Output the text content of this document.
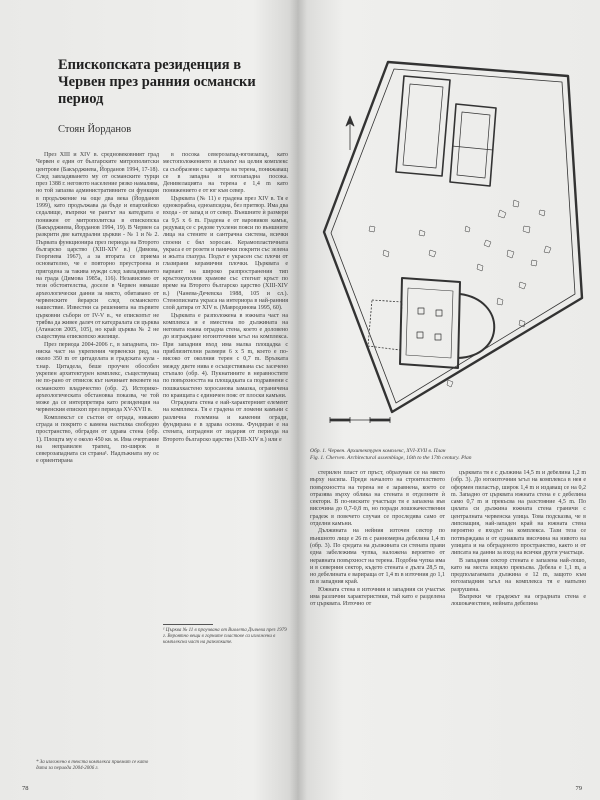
Епископската резиденция в Червен през ранния османски период
Стоян Йорданов

През ХIII и ХIV в. средновековният град Червен е един от българските митрополитски центрове (Бакърджиева, Йорданов 1994, 17-18). След завладяването му от османските турци през 1388 г. неговото население рязко намалява, но той запазва административните си функции в продължение на още два века (Йорданов 1999), като продължава да бъде и епархийско седалище, въпреки че рангът на катедрата е понижен от митрополитска в епископска (Бакърджиева, Йорданов 1994, 19). В Червен са разкрити две катедрални църкви - № 1 и № 2. Първата функционира през периода на Второто българско царство (ХIII-ХIV в.) (Димова, Георгиева 1967), а за втората се приема основателно, че е повторно преустроена и пригодена за такива нужди след завладяването на града (Димова 1985а, 116). Независимо от тези обстоятелства, доселе в Червен нямаше археологически данни за място, обитавано от червенските йерарси след османското нашествие. Известни са решенията на първите църковни събори от IV-V в., че епископът не трябва да живее далеч от катедралата си църква (Атанасов 2005, 105), но край църква № 2 не съществува епископско жилище.

През периода 2004-2006 г., в западната, по-ниска част на укрепения червенски рид, на около 350 m от цитаделата и градската кула - т.нар. Цитадела, беше проучен обособен укрепен архитектурен комплекс, съществуващ не по-рано от отвисок кът начинает вековете на османското владичество (обр. 2). Историко-археологическата обстановка показва, че той може да се интерпретира като резиденция на червенския епископ през периода ХV-ХVII в.

Комплексът се състои от ограда, никакво сграда и покрито с камена настилка свободно пространство, обграден от здрава стена (обр. 1). Площта му е около 450 кв. м. Има очертание на неправилен трапец, по-широк в северозападната си страна¹. Надлъжната му ос е ориентирана

в посока северозапад-югоизапад, като местоположението и планът на целия комплекс са съобразени с характера на терена, понижаващ се в западна и югозападна посока. Денивелацията на терена е 1,4 m като понижението е от юг към север.

Църквата (№ 11) е градена през ХIV в. Тя е еднокорабна, едноапсидна, без притвор. Има два входа - от запад и от север. Външните ѝ размери са 9,5 х 6 m. Градена е от варовиков камък, редуващ се с редове тухлени пояси по външните лица на стените и сантрачна система, всички споени с бял хоросан. Керамопластичната украса е от розети и панички покрити със зелена и жълта глазура. Подът е украсен със плочи от глазирани керамични плочки. Църквата е вариант на широко разпространения тип кръстокуполни храмове със стегнат кръст по време на Второто българско царство (ХIII-ХIV в.) (Чанева-Дечевска 1988, 105 и сл.). Стенописната украса на интериора в най-ранния слой датира от ХIV в. (Мавродинова 1995, 60).

Църквата е разположена в южната част на комплекса и е вместена по дължината на неговата южна оградна стена, което е доловено до изграждане югоизточния ъгъл на комплекса. При западния вход има малка площадка с приблизителни размери 6 х 5 m, което е по-високо от околния терен с 0,7 m. Връзката между двете нива е осъществявана със засечено стъпало (обр. 4). Пукнатините в неравностите по повърхността на площадката са подравнени с пошкахкастено хоросанова замазка, ограничена по краищата с единичен пояс от плоски камъни.

Оградната стена е най-характерният елемент на комплекса. Тя е градена от ломени камъни с различна големина и каменни огради, фундирана е в здрава основа. Фундиран е на стената, изградени от зидария от периода на Второто българско царство (ХIII-ХIV в.) или е

¹ Църква № 11 в проучвана от Виолета Дълчева през 1979 г. Вероятно вещи в горните пластове са изложени в комплексна част на разкопките.
* За изложено в текста комплекса приемат се като дата за периода 2004-2006 г.
78
Обр. 1. Червен. Архитектурен комплекс, ХVI-ХVII в. План
Fig. 1. Cherven. Architectural assemblage, 16th to the 17th century. Plan

стерилен пласт от пръст, образуван се на място върху насипа. Преди началото на строителството повърхността на терена не е заравнена, което се отразява върху облика на стената в отделните ѝ сектори. В по-ниските участъци тя е запазена във височина до 0,7-0,8 m, но поради лошокачествения градеж в повечето случаи се проследява само от отделни камъни.

Дължината на нейния източен сектор по външното лице е 26 m с ранномерна дебелина 1,4 m (обр. 3). По средата на дължината си стената прави една забележима чупка, наложена вероятно от неравната повърхност на терена. Подобна чупка има и в северния сектор, където стената е дълга 28,5 m, но дебелината е варираща от 1,4 m в източния до 1,1 m в западния край.

Южната стена в източния и западния си участък има различни характеристики, тъй като е разделена от църквата. Източно от

църквата тя е с дължина 14,5 m и дебелина 1,2 m (обр. 3). До югоизточния ъгъл на комплекса в нея е оформен пиластър, широк 1,4 m и издаващ се на 0,2 m. Западно от църквата южната стена е с дебелина само 0,7 m и прекъсва на разстояние 4,5 m. По цялата си дължина южната стена граничи с централната червенска улица. Това подсказва, че в липсващия, най-западен край на южната стена вероятно е входът на комплекса. Тази теза се потвърждава и от еднаквата височина на нивото на улицата и на обграденото пространство, както и от липсата на данни за вход на всички други участъци.

В западния сектор стената е запазена най-лошо, като на места изцяло прекъсва. Дебела е 1,1 m, а предполагаемата дължина е 12 m, защото към югозападния ъгъл на комплекса тя е напълно разрушена.

Въпреки че градежът на оградната стена е лошокачествен, нейната дебелина

79
